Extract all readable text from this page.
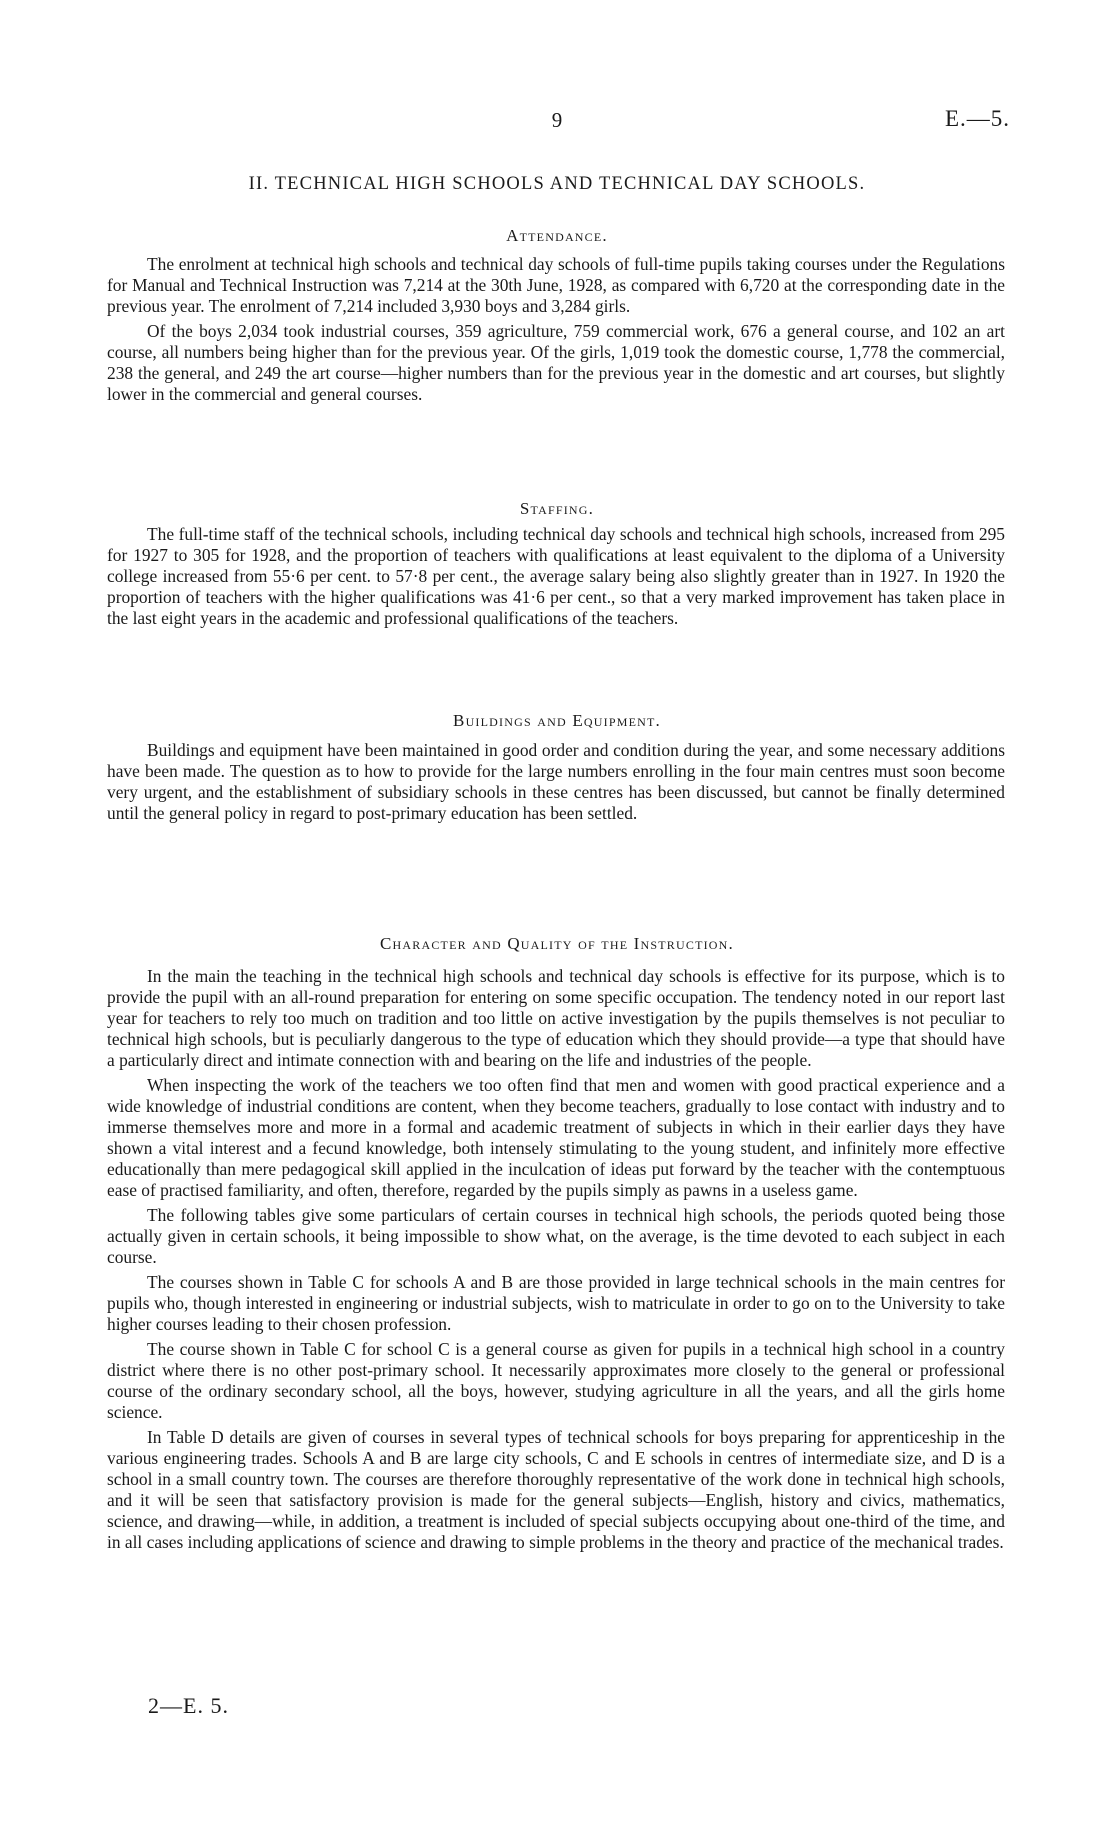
9	E.—5.
II. TECHNICAL HIGH SCHOOLS AND TECHNICAL DAY SCHOOLS.
Attendance.

The enrolment at technical high schools and technical day schools of full-time pupils taking courses under the Regulations for Manual and Technical Instruction was 7,214 at the 30th June, 1928, as compared with 6,720 at the corresponding date in the previous year. The enrolment of 7,214 included 3,930 boys and 3,284 girls.

Of the boys 2,034 took industrial courses, 359 agriculture, 759 commercial work, 676 a general course, and 102 an art course, all numbers being higher than for the previous year. Of the girls, 1,019 took the domestic course, 1,778 the commercial, 238 the general, and 249 the art course—higher numbers than for the previous year in the domestic and art courses, but slightly lower in the commercial and general courses.

Staffing.

The full-time staff of the technical schools, including technical day schools and technical high schools, increased from 295 for 1927 to 305 for 1928, and the proportion of teachers with qualifications at least equivalent to the diploma of a University college increased from 55·6 per cent. to 57·8 per cent., the average salary being also slightly greater than in 1927. In 1920 the proportion of teachers with the higher qualifications was 41·6 per cent., so that a very marked improvement has taken place in the last eight years in the academic and professional qualifications of the teachers.

Buildings and Equipment.

Buildings and equipment have been maintained in good order and condition during the year, and some necessary additions have been made. The question as to how to provide for the large numbers enrolling in the four main centres must soon become very urgent, and the establishment of subsidiary schools in these centres has been discussed, but cannot be finally determined until the general policy in regard to post-primary education has been settled.

Character and Quality of the Instruction.

In the main the teaching in the technical high schools and technical day schools is effective for its purpose, which is to provide the pupil with an all-round preparation for entering on some specific occupation. The tendency noted in our report last year for teachers to rely too much on tradition and too little on active investigation by the pupils themselves is not peculiar to technical high schools, but is peculiarly dangerous to the type of education which they should provide—a type that should have a particularly direct and intimate connection with and bearing on the life and industries of the people.

When inspecting the work of the teachers we too often find that men and women with good practical experience and a wide knowledge of industrial conditions are content, when they become teachers, gradually to lose contact with industry and to immerse themselves more and more in a formal and academic treatment of subjects in which in their earlier days they have shown a vital interest and a fecund knowledge, both intensely stimulating to the young student, and infinitely more effective educationally than mere pedagogical skill applied in the inculcation of ideas put forward by the teacher with the contemptuous ease of practised familiarity, and often, therefore, regarded by the pupils simply as pawns in a useless game.

The following tables give some particulars of certain courses in technical high schools, the periods quoted being those actually given in certain schools, it being impossible to show what, on the average, is the time devoted to each subject in each course.

The courses shown in Table C for schools A and B are those provided in large technical schools in the main centres for pupils who, though interested in engineering or industrial subjects, wish to matriculate in order to go on to the University to take higher courses leading to their chosen profession.

The course shown in Table C for school C is a general course as given for pupils in a technical high school in a country district where there is no other post-primary school. It necessarily approximates more closely to the general or professional course of the ordinary secondary school, all the boys, however, studying agriculture in all the years, and all the girls home science.

In Table D details are given of courses in several types of technical schools for boys preparing for apprenticeship in the various engineering trades. Schools A and B are large city schools, C and E schools in centres of intermediate size, and D is a school in a small country town. The courses are therefore thoroughly representative of the work done in technical high schools, and it will be seen that satisfactory provision is made for the general subjects—English, history and civics, mathematics, science, and drawing—while, in addition, a treatment is included of special subjects occupying about one-third of the time, and in all cases including applications of science and drawing to simple problems in the theory and practice of the mechanical trades.

2—E. 5.
